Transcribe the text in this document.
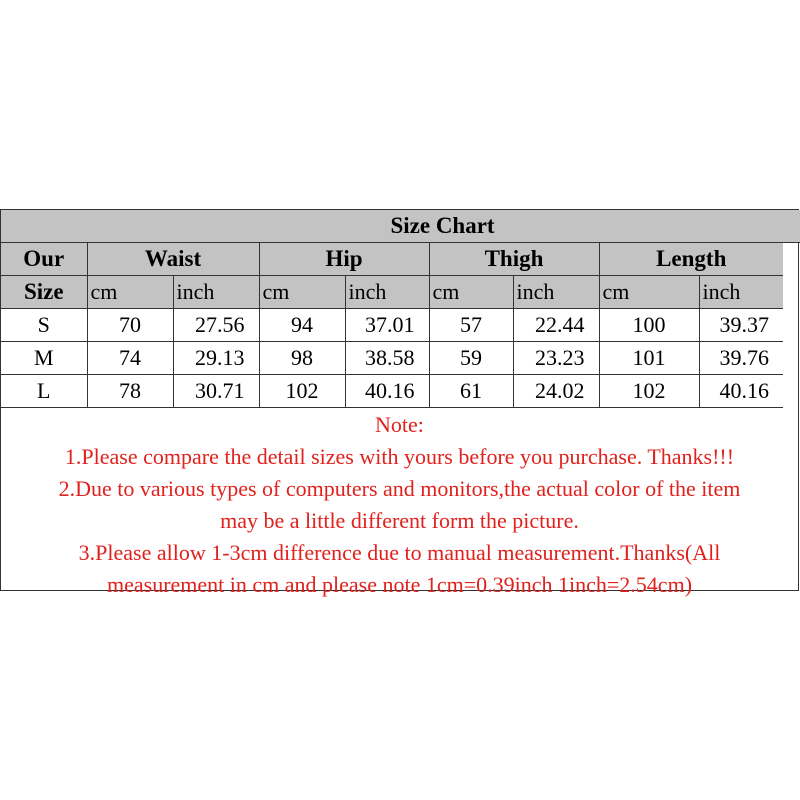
Size Chart								
Our	Waist		Hip		Thigh		Length
Size	cm	inch	cm	inch	cm	inch	cm	inch
S	70	27.56	94	37.01	57	22.44	100	39.37
M	74	29.13	98	38.58	59	23.23	101	39.76
L	78	30.71	102	40.16	61	24.02	102	40.16
Note:
1.Please compare the detail sizes with yours before you purchase. Thanks!!!
2.Due to various types of computers and monitors,the actual color of the item
may be a little different form the picture.
3.Please allow 1-3cm difference due to manual measurement.Thanks(All
measurement in cm and please note 1cm=0.39inch 1inch=2.54cm)
